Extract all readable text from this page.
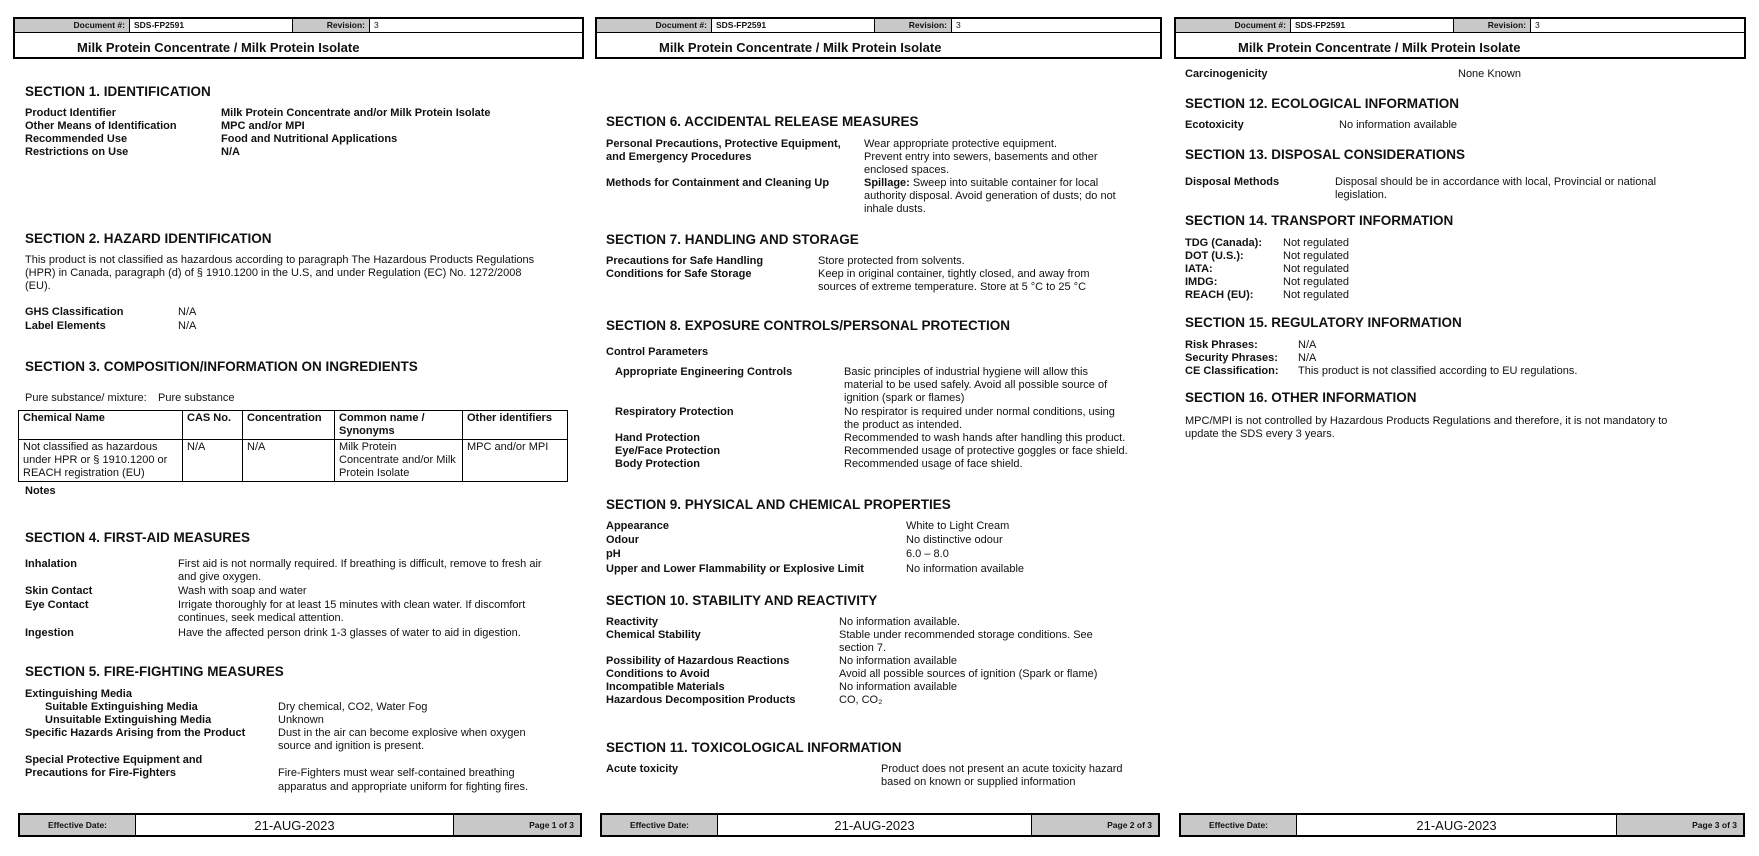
Document #:	SDS-FP2591	Revision:	3
Milk Protein Concentrate / Milk Protein Isolate
SECTION 1. IDENTIFICATION
Product Identifier	Milk Protein Concentrate and/or Milk Protein Isolate
Other Means of Identification	MPC and/or MPI
Recommended Use	Food and Nutritional Applications
Restrictions on Use	N/A
SECTION 2. HAZARD IDENTIFICATION
This product is not classified as hazardous according to paragraph The Hazardous Products Regulations
(HPR) in Canada, paragraph (d) of § 1910.1200 in the U.S, and under Regulation (EC) No. 1272/2008
(EU).
GHS Classification	N/A
Label Elements	N/A
SECTION 3. COMPOSITION/INFORMATION ON INGREDIENTS
Pure substance/ mixture: Pure substance
Chemical Name	CAS No.	Concentration	Common name / Synonyms	Other identifiers
Not classified as hazardous under HPR or § 1910.1200 or REACH registration (EU)	N/A	N/A	Milk Protein Concentrate and/or Milk Protein Isolate	MPC and/or MPI
Notes
SECTION 4. FIRST-AID MEASURES
Inhalation	First aid is not normally required. If breathing is difficult, remove to fresh air
and give oxygen.
Skin Contact	Wash with soap and water
Eye Contact	Irrigate thoroughly for at least 15 minutes with clean water. If discomfort
continues, seek medical attention.
Ingestion	Have the affected person drink 1-3 glasses of water to aid in digestion.
SECTION 5. FIRE-FIGHTING MEASURES
Extinguishing Media
Suitable Extinguishing Media	Dry chemical, CO2, Water Fog
Unsuitable Extinguishing Media	Unknown
Specific Hazards Arising from the Product	Dust in the air can become explosive when oxygen
source and ignition is present.
Special Protective Equipment and
Precautions for Fire-Fighters	Fire-Fighters must wear self-contained breathing
apparatus and appropriate uniform for fighting fires.
Effective Date:	21-AUG-2023	Page 1 of 3
Document #:	SDS-FP2591	Revision:	3
Milk Protein Concentrate / Milk Protein Isolate
SECTION 6. ACCIDENTAL RELEASE MEASURES
Personal Precautions, Protective Equipment,
and Emergency Procedures
Wear appropriate protective equipment.
Prevent entry into sewers, basements and other
enclosed spaces.
Methods for Containment and Cleaning Up	Spillage: Sweep into suitable container for local
authority disposal. Avoid generation of dusts; do not
inhale dusts.
SECTION 7. HANDLING AND STORAGE
Precautions for Safe Handling	Store protected from solvents.
Conditions for Safe Storage	Keep in original container, tightly closed, and away from
sources of extreme temperature. Store at 5 °C to 25 °C
SECTION 8. EXPOSURE CONTROLS/PERSONAL PROTECTION
Control Parameters
Appropriate Engineering Controls	Basic principles of industrial hygiene will allow this
material to be used safely. Avoid all possible source of
ignition (spark or flames)
Respiratory Protection	No respirator is required under normal conditions, using
the product as intended.
Hand Protection	Recommended to wash hands after handling this product.
Eye/Face Protection	Recommended usage of protective goggles or face shield.
Body Protection	Recommended usage of face shield.
SECTION 9. PHYSICAL AND CHEMICAL PROPERTIES
Appearance	White to Light Cream
Odour	No distinctive odour
pH	6.0 – 8.0
Upper and Lower Flammability or Explosive Limit	No information available
SECTION 10. STABILITY AND REACTIVITY
Reactivity	No information available.
Chemical Stability	Stable under recommended storage conditions. See
section 7.
Possibility of Hazardous Reactions	No information available
Conditions to Avoid	Avoid all possible sources of ignition (Spark or flame)
Incompatible Materials	No information available
Hazardous Decomposition Products	CO, CO₂
SECTION 11. TOXICOLOGICAL INFORMATION
Acute toxicity	Product does not present an acute toxicity hazard
based on known or supplied information
Effective Date:	21-AUG-2023	Page 2 of 3
Document #:	SDS-FP2591	Revision:	3
Milk Protein Concentrate / Milk Protein Isolate
Carcinogenicity	None Known
SECTION 12. ECOLOGICAL INFORMATION
Ecotoxicity	No information available
SECTION 13. DISPOSAL CONSIDERATIONS
Disposal Methods	Disposal should be in accordance with local, Provincial or national
legislation.
SECTION 14. TRANSPORT INFORMATION
TDG (Canada): Not regulated
DOT (U.S.):	Not regulated
IATA:	Not regulated
IMDG:	Not regulated
REACH (EU):	Not regulated
SECTION 15. REGULATORY INFORMATION
Risk Phrases:	N/A
Security Phrases: N/A
CE Classification: This product is not classified according to EU regulations.
SECTION 16. OTHER INFORMATION
MPC/MPI is not controlled by Hazardous Products Regulations and therefore, it is not mandatory to
update the SDS every 3 years.
Effective Date:	21-AUG-2023	Page 3 of 3
